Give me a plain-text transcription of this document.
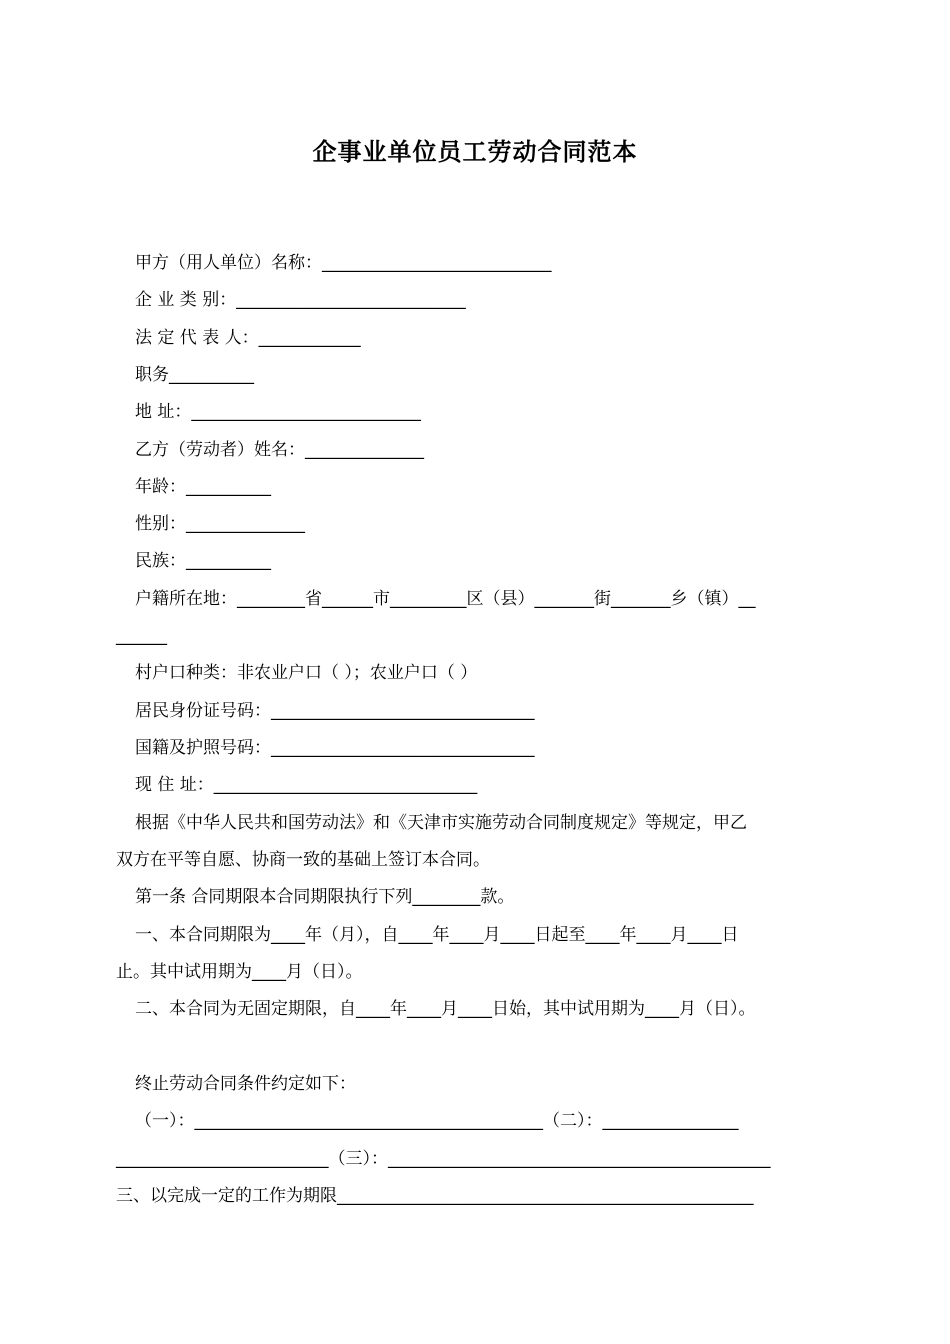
企事业单位员工劳动合同范本
甲方（用人单位）名称：___________________________
企 业 类 别：___________________________
法 定 代 表 人：____________
职务__________
地 址：___________________________
乙方（劳动者）姓名：______________
年龄：__________
性别：______________
民族：__________
户籍所在地：________省______市_________区（县）_______街_______乡（镇）__
______
村户口种类：非农业户口（ ）；农业户口（ ）
居民身份证号码：_______________________________
国籍及护照号码：_______________________________
现 住 址：_______________________________
根据《中华人民共和国劳动法》和《天津市实施劳动合同制度规定》等规定，甲乙
双方在平等自愿、协商一致的基础上签订本合同。
第一条 合同期限本合同期限执行下列________款。
一、本合同期限为____年（月），自____年____月____日起至____年____月____日
止。其中试用期为____月（日）。
二、本合同为无固定期限，自____年____月____日始，其中试用期为____月（日）。
终止劳动合同条件约定如下：
（一）：_________________________________________（二）：________________
_________________________（三）：_____________________________________________
三、以完成一定的工作为期限_________________________________________________
